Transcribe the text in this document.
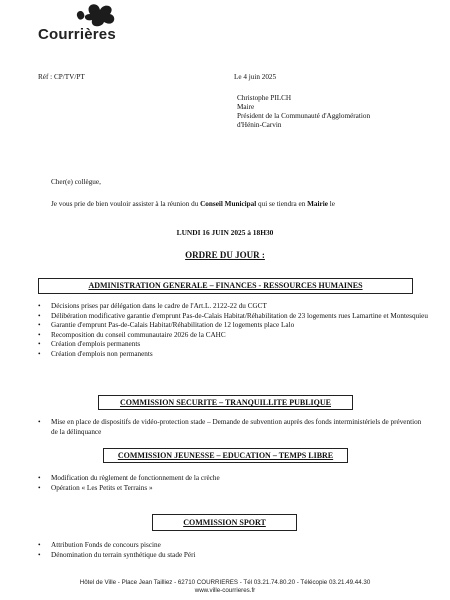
Courrières
Réf : CP/TV/PT	Le 4 juin 2025
Christophe PILCH
Maire
Président de la Communauté d'Agglomération
d'Hénin-Carvin
Cher(e) collègue,
Je vous prie de bien vouloir assister à la réunion du Conseil Municipal qui se tiendra en Mairie le
LUNDI 16 JUIN 2025 à 18H30
ORDRE DU JOUR :
ADMINISTRATION GENERALE – FINANCES - RESSOURCES HUMAINES
• Décisions prises par délégation dans le cadre de l'Art.L. 2122-22 du CGCT
• Délibération modificative garantie d'emprunt Pas-de-Calais Habitat/Réhabilitation de 23 logements rues Lamartine et Montesquieu
• Garantie d'emprunt Pas-de-Calais Habitat/Réhabilitation de 12 logements place Lalo
• Recomposition du conseil communautaire 2026 de la CAHC
• Création d'emplois permanents
• Création d'emplois non permanents
COMMISSION SECURITE – TRANQUILLITE PUBLIQUE
• Mise en place de dispositifs de vidéo-protection stade – Demande de subvention auprès des fonds interministériels de prévention de la délinquance
COMMISSION JEUNESSE – EDUCATION – TEMPS LIBRE
• Modification du règlement de fonctionnement de la crèche
• Opération « Les Petits et Terrains »
COMMISSION SPORT
• Attribution Fonds de concours piscine
• Dénomination du terrain synthétique du stade Péri
Hôtel de Ville - Place Jean Tailliez - 62710 COURRIERES - Tél 03.21.74.80.20 - Télécopie 03.21.49.44.30
www.ville-courrieres.fr
